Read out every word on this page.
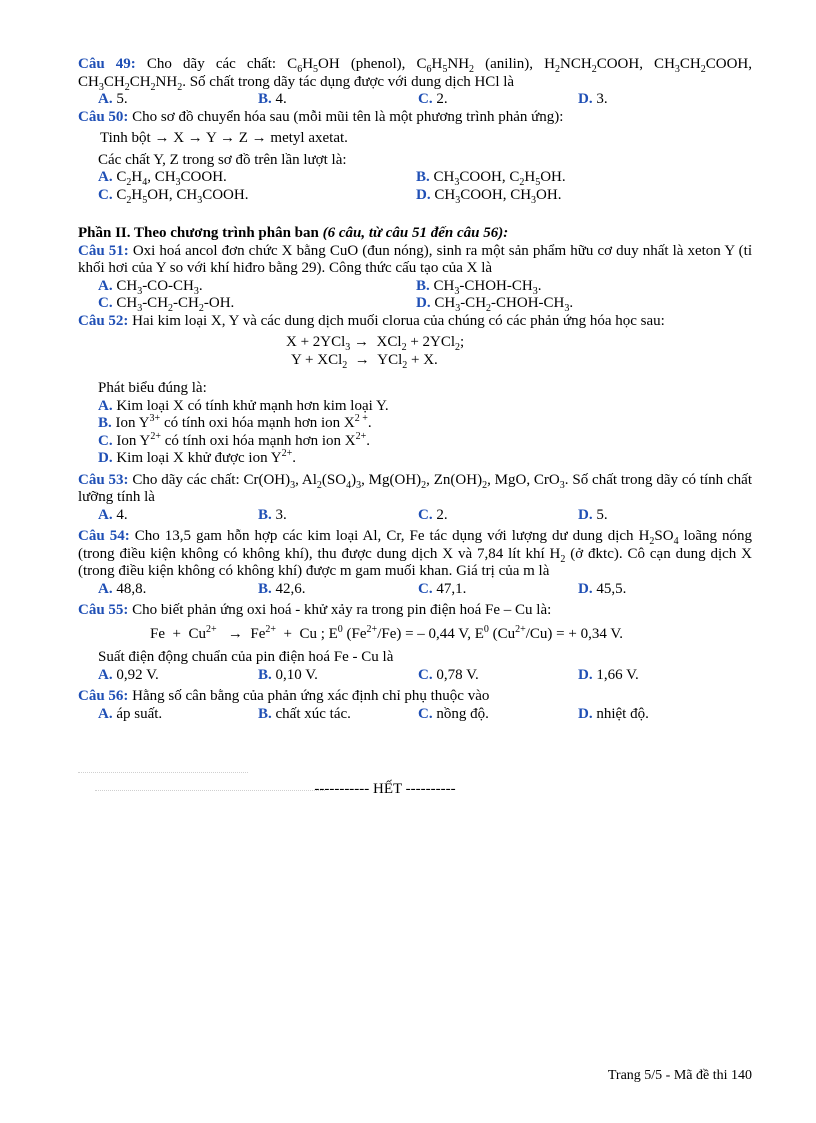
Câu 49: Cho dãy các chất: $C_6H_5OH$ (phenol), $C_6H_5NH_2$ (anilin), $H_2NCH_2COOH$, $CH_3CH_2COOH$, $CH_3CH_2CH_2NH_2$. Số chất trong dãy tác dụng được với dung dịch HCl là

A. 5.	B. 4.	C. 2.	D. 3.

Câu 50: Cho sơ đồ chuyển hóa sau (mỗi mũi tên là một phương trình phản ứng):

Tinh bột → X → Y → Z → metyl axetat.

Các chất Y, Z trong sơ đồ trên lần lượt là:

A. $C_2H_4$, $CH_3COOH$.	B. $CH_3COOH$, $C_2H_5OH$.
C. $C_2H_5OH$, $CH_3COOH$.	D. $CH_3COOH$, $CH_3OH$.

Phần II. Theo chương trình phân ban (6 câu, từ câu 51 đến câu 56):

Câu 51: Oxi hoá ancol đơn chức X bằng CuO (đun nóng), sinh ra một sản phẩm hữu cơ duy nhất là xeton Y (tỉ khối hơi của Y so với khí hiđro bằng 29). Công thức cấu tạo của X là

A. $CH_3-CO-CH_3$.	B. $CH_3-CHOH-CH_3$.
C. $CH_3-CH_2-CH_2-OH$.	D. $CH_3-CH_2-CHOH-CH_3$.

Câu 52: Hai kim loại X, Y và các dung dịch muối clorua của chúng có các phản ứng hóa học sau:

X + 2YCl$_3$ →  XCl$_2$ + 2YCl$_2$;
Y + XCl$_2$  →  YCl$_2$ + X.

Phát biểu đúng là:

A. Kim loại X có tính khử mạnh hơn kim loại Y.

B. Ion $Y^{3+}$ có tính oxi hóa mạnh hơn ion $X^{2 +}$.

C. Ion $Y^{2+}$ có tính oxi hóa mạnh hơn ion $X^{2+}$.

D. Kim loại X khử được ion $Y^{2+}$.

Câu 53: Cho dãy các chất: $Cr(OH)_3$, $Al_2(SO_4)_3$, $Mg(OH)_2$, $Zn(OH)_2$, MgO, CrO$_3$. Số chất trong dãy có tính chất lưỡng tính là

A. 4.	B. 3.	C. 2.	D. 5.

Câu 54: Cho 13,5 gam hỗn hợp các kim loại Al, Cr, Fe tác dụng với lượng dư dung dịch $H_2SO_4$ loãng nóng (trong điều kiện không có không khí), thu được dung dịch X và 7,84 lít khí $H_2$ (ở đktc). Cô cạn dung dịch X (trong điều kiện không có không khí) được m gam muối khan. Giá trị của m là

A. 48,8.	B. 42,6.	C. 47,1.	D. 45,5.

Câu 55: Cho biết phản ứng oxi hoá - khử xảy ra trong pin điện hoá Fe – Cu là:

$Fe + Cu^{2+} \to Fe^{2+} + Cu$ ; $E^0$ $(Fe^{2+}/Fe)$ = – 0,44 V, $E^0$ $(Cu^{2+}/Cu)$ = + 0,34 V.

Suất điện động chuẩn của pin điện hoá Fe - Cu là

A. 0,92 V.	B. 0,10 V.	C. 0,78 V.	D. 1,66 V.

Câu 56: Hằng số cân bằng của phản ứng xác định chỉ phụ thuộc vào

A. áp suất.	B. chất xúc tác.	C. nồng độ.	D. nhiệt độ.
----------- HẾT ----------
Trang 5/5 - Mã đề thi 140
